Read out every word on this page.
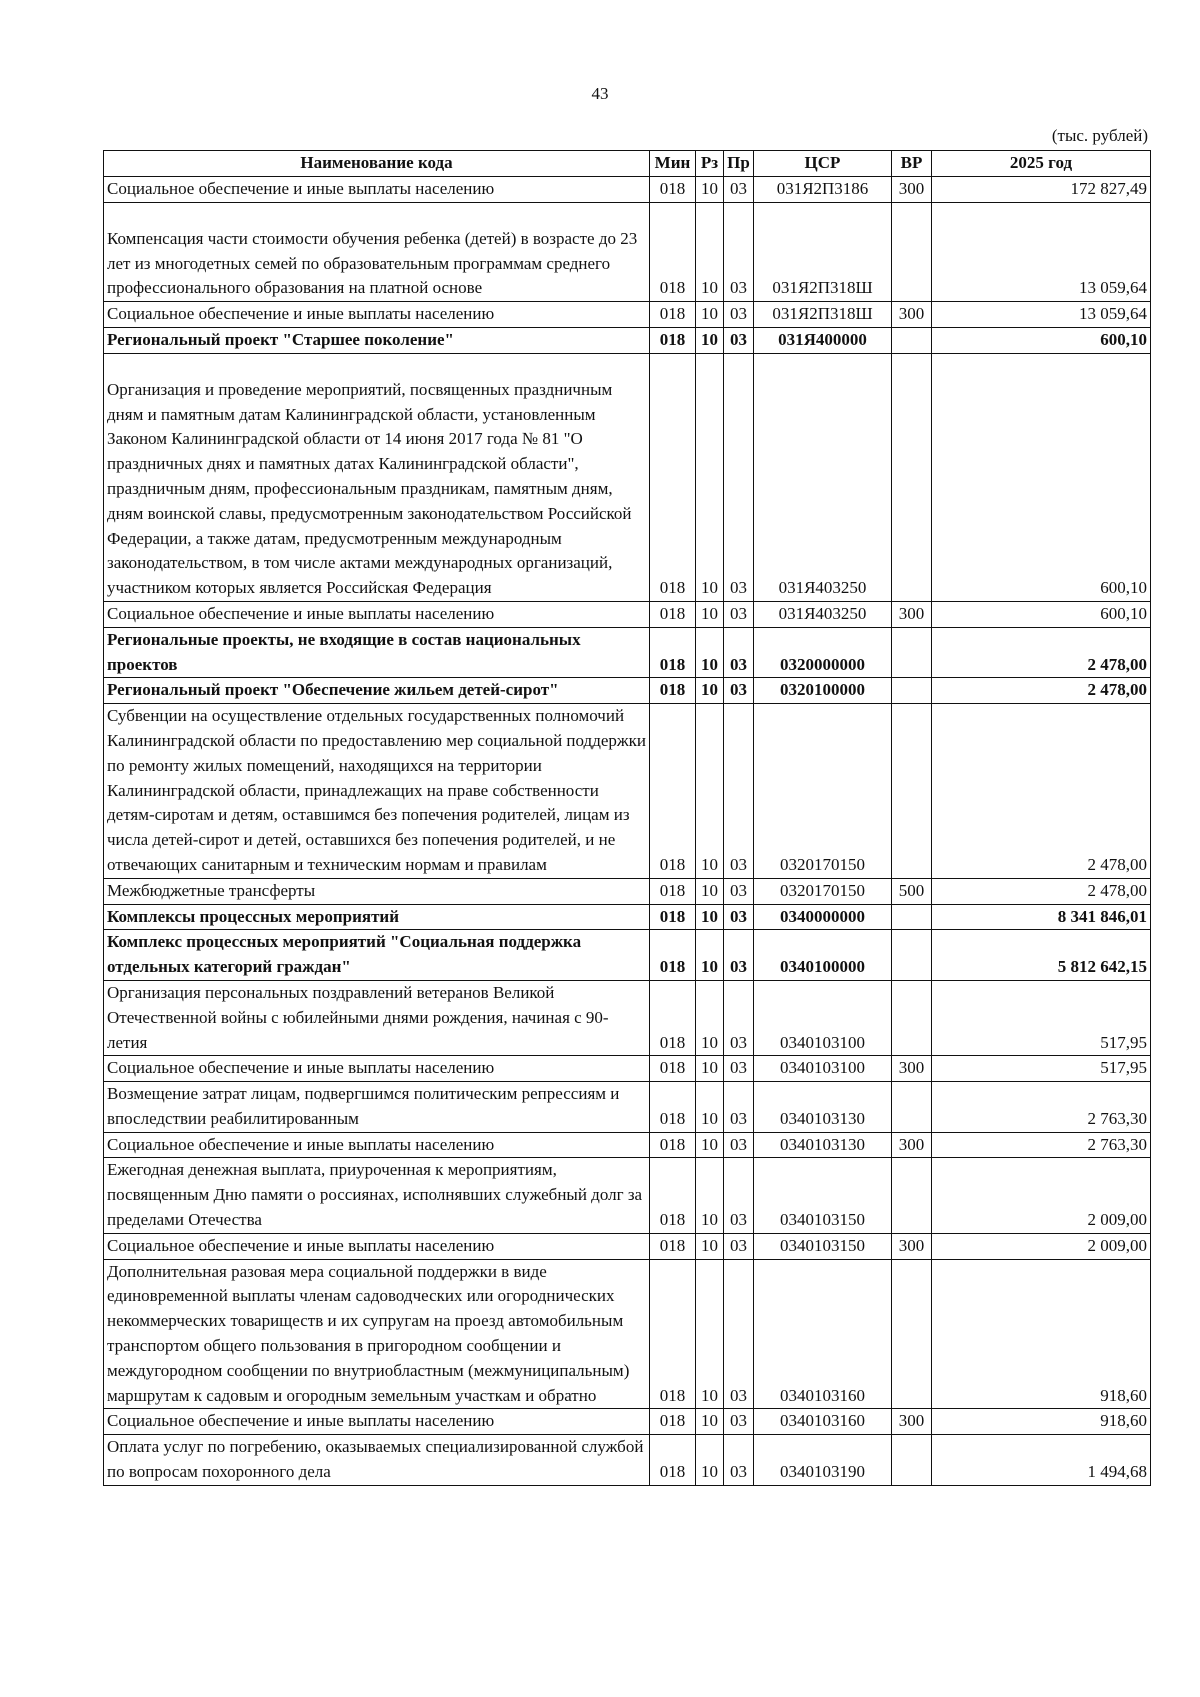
43
(тыс. рублей)
Наименование кода	Мин	Рз	Пр	ЦСР	ВР	2025 год
Социальное обеспечение и иные выплаты населению	018	10	03	031Я2П3186	300	172 827,49
Компенсация части стоимости обучения ребенка (детей) в возрасте до 23 лет из многодетных семей по образовательным программам среднего профессионального образования на платной основе	018	10	03	031Я2П318Ш		13 059,64
Социальное обеспечение и иные выплаты населению	018	10	03	031Я2П318Ш	300	13 059,64
Региональный проект "Старшее поколение"	018	10	03	031Я400000		600,10
Организация и проведение мероприятий, посвященных праздничным дням и памятным датам Калининградской области, установленным Законом Калининградской области от 14 июня 2017 года № 81 "О праздничных днях и памятных датах Калининградской области", праздничным дням, профессиональным праздникам, памятным дням, дням воинской славы, предусмотренным законодательством Российской Федерации, а также датам, предусмотренным международным законодательством, в том числе актами международных организаций, участником которых является Российская Федерация	018	10	03	031Я403250		600,10
Социальное обеспечение и иные выплаты населению	018	10	03	031Я403250	300	600,10
Региональные проекты, не входящие в состав национальных проектов	018	10	03	0320000000		2 478,00
Региональный проект "Обеспечение жильем детей-сирот"	018	10	03	0320100000		2 478,00
Субвенции на осуществление отдельных государственных полномочий Калининградской области по предоставлению мер социальной поддержки по ремонту жилых помещений, находящихся на территории Калининградской области, принадлежащих на праве собственности детям-сиротам и детям, оставшимся без попечения родителей, лицам из числа детей-сирот и детей, оставшихся без попечения родителей, и не отвечающих санитарным и техническим нормам и правилам	018	10	03	0320170150		2 478,00
Межбюджетные трансферты	018	10	03	0320170150	500	2 478,00
Комплексы процессных мероприятий	018	10	03	0340000000		8 341 846,01
Комплекс процессных мероприятий "Социальная поддержка отдельных категорий граждан"	018	10	03	0340100000		5 812 642,15
Организация персональных поздравлений ветеранов Великой Отечественной войны с юбилейными днями рождения, начиная с 90-летия	018	10	03	0340103100		517,95
Социальное обеспечение и иные выплаты населению	018	10	03	0340103100	300	517,95
Возмещение затрат лицам, подвергшимся политическим репрессиям и впоследствии реабилитированным	018	10	03	0340103130		2 763,30
Социальное обеспечение и иные выплаты населению	018	10	03	0340103130	300	2 763,30
Ежегодная денежная выплата, приуроченная к мероприятиям, посвященным Дню памяти о россиянах, исполнявших служебный долг за пределами Отечества	018	10	03	0340103150		2 009,00
Социальное обеспечение и иные выплаты населению	018	10	03	0340103150	300	2 009,00
Дополнительная разовая мера социальной поддержки в виде единовременной выплаты членам садоводческих или огороднических некоммерческих товариществ и их супругам на проезд автомобильным транспортом общего пользования в пригородном сообщении и междугородном сообщении по внутриобластным (межмуниципальным) маршрутам к садовым и огородным земельным участкам и обратно	018	10	03	0340103160		918,60
Социальное обеспечение и иные выплаты населению	018	10	03	0340103160	300	918,60
Оплата услуг по погребению, оказываемых специализированной службой по вопросам похоронного дела	018	10	03	0340103190		1 494,68
